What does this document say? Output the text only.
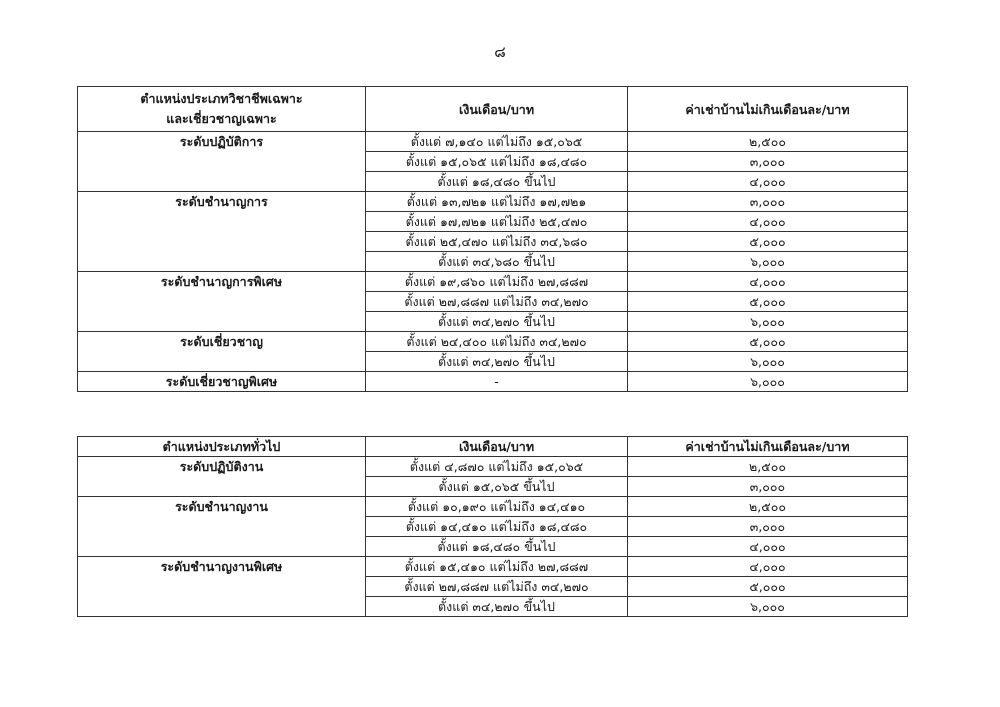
๘
ตำแหน่งประเภทวิชาชีพเฉพาะ
และเชี่ยวชาญเฉพาะ	เงินเดือน/บาท	ค่าเช่าบ้านไม่เกินเดือนละ/บาท
ระดับปฏิบัติการ	ตั้งแต่ ๗,๑๔๐ แต่ไม่ถึง ๑๕,๐๖๕	๒,๕๐๐
	ตั้งแต่ ๑๕,๐๖๕ แต่ไม่ถึง ๑๘,๔๘๐	๓,๐๐๐
	ตั้งแต่ ๑๘,๔๘๐ ขึ้นไป	๔,๐๐๐
ระดับชำนาญการ	ตั้งแต่ ๑๓,๗๒๑ แต่ไม่ถึง ๑๗,๗๒๑	๓,๐๐๐
	ตั้งแต่ ๑๗,๗๒๑ แต่ไม่ถึง ๒๕,๔๗๐	๔,๐๐๐
	ตั้งแต่ ๒๕,๔๗๐ แต่ไม่ถึง ๓๔,๖๘๐	๕,๐๐๐
	ตั้งแต่ ๓๔,๖๘๐ ขึ้นไป	๖,๐๐๐
ระดับชำนาญการพิเศษ	ตั้งแต่ ๑๙,๘๖๐ แต่ไม่ถึง ๒๗,๘๘๗	๔,๐๐๐
	ตั้งแต่ ๒๗,๘๘๗ แต่ไม่ถึง ๓๔,๒๗๐	๕,๐๐๐
	ตั้งแต่ ๓๔,๒๗๐ ขึ้นไป	๖,๐๐๐
ระดับเชี่ยวชาญ	ตั้งแต่ ๒๔,๔๐๐ แต่ไม่ถึง ๓๔,๒๗๐	๕,๐๐๐
	ตั้งแต่ ๓๔,๒๗๐ ขึ้นไป	๖,๐๐๐
ระดับเชี่ยวชาญพิเศษ	-	๖,๐๐๐
ตำแหน่งประเภททั่วไป	เงินเดือน/บาท	ค่าเช่าบ้านไม่เกินเดือนละ/บาท
ระดับปฏิบัติงาน	ตั้งแต่ ๔,๘๗๐ แต่ไม่ถึง ๑๕,๐๖๕	๒,๕๐๐
	ตั้งแต่ ๑๕,๐๖๕ ขึ้นไป	๓,๐๐๐
ระดับชำนาญงาน	ตั้งแต่ ๑๐,๑๙๐ แต่ไม่ถึง ๑๔,๔๑๐	๒,๕๐๐
	ตั้งแต่ ๑๔,๔๑๐ แต่ไม่ถึง ๑๘,๔๘๐	๓,๐๐๐
	ตั้งแต่ ๑๘,๔๘๐ ขึ้นไป	๔,๐๐๐
ระดับชำนาญงานพิเศษ	ตั้งแต่ ๑๕,๔๑๐ แต่ไม่ถึง ๒๗,๘๘๗	๔,๐๐๐
	ตั้งแต่ ๒๗,๘๘๗ แต่ไม่ถึง ๓๔,๒๗๐	๕,๐๐๐
	ตั้งแต่ ๓๔,๒๗๐ ขึ้นไป	๖,๐๐๐
